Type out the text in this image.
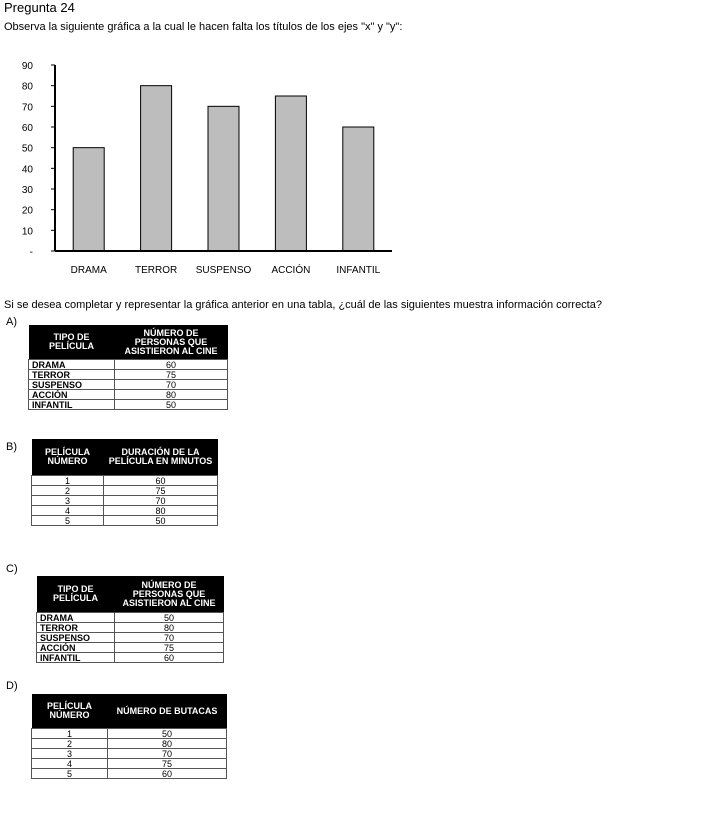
Pregunta 24
Observa la siguiente gráfica a la cual le hacen falta los títulos de los ejes "x" y "y":
-
10
20
30
40
50
60
70
80
90
DRAMA	TERROR SUSPENSO ACCIÓN	INFANTIL
Si se desea completar y representar la gráfica anterior en una tabla, ¿cuál de las siguientes muestra información correcta?
A)
TIPO DE PELÍCULA	NÚMERO DE PERSONAS QUE ASISTIERON AL CINE
DRAMA	60
TERROR	75
SUSPENSO	70
ACCIÓN	80
INFANTIL	50
B)	PELÍCULA NÚMERO	DURACIÓN DE LA PELÍCULA EN MINUTOS
1	60
2	75
3	70
4	80
5	50
C)
TIPO DE PELÍCULA	NÚMERO DE PERSONAS QUE ASISTIERON AL CINE
DRAMA	50
TERROR	80
SUSPENSO	70
ACCIÓN	75
INFANTIL	60
D)
PELÍCULA NÚMERO	NÚMERO DE BUTACAS
1	50
2	80
3	70
4	75
5	60
